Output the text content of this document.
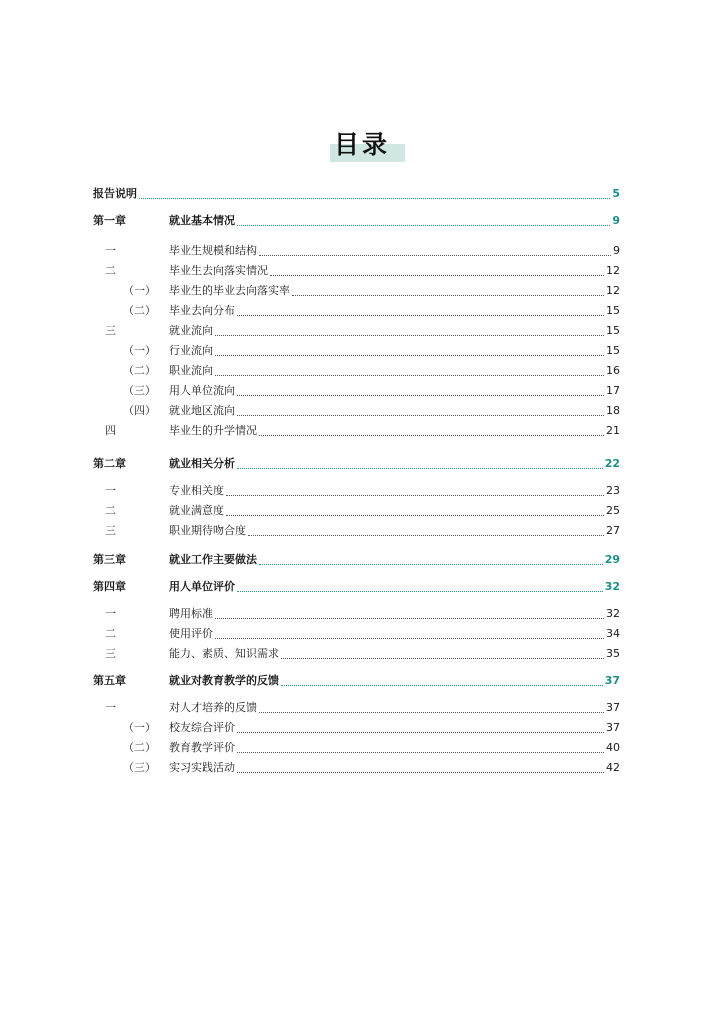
目录
报告说明	5
第一章	就业基本情况	9
一	毕业生规模和结构	9
二	毕业生去向落实情况	12
（一） 毕业生的毕业去向落实率	12
（二） 毕业去向分布	15
三	就业流向	15
（一） 行业流向	15
（二） 职业流向	16
（三） 用人单位流向	17
（四） 就业地区流向	18
四	毕业生的升学情况	21
第二章	就业相关分析	22
一	专业相关度	23
二	就业满意度	25
三	职业期待吻合度	27
第三章	就业工作主要做法	29
第四章	用人单位评价	32
一	聘用标准	32
二	使用评价	34
三	能力、素质、知识需求	35
第五章	就业对教育教学的反馈	37
一	对人才培养的反馈	37
（一） 校友综合评价	37
（二） 教育教学评价	40
（三） 实习实践活动	42
